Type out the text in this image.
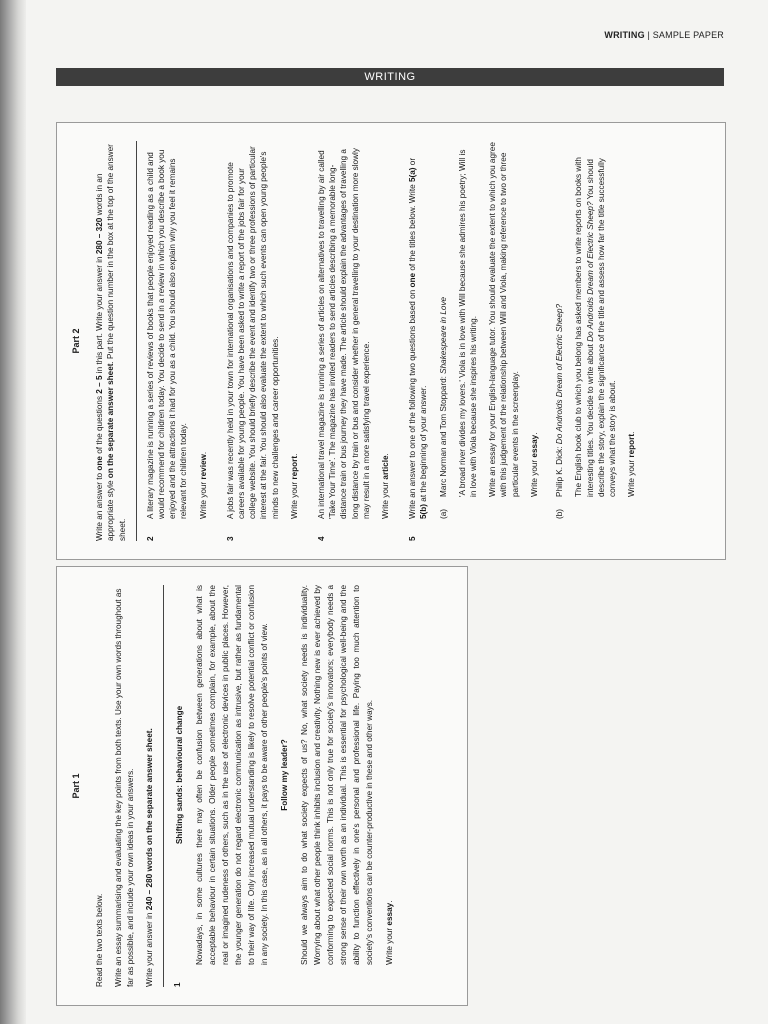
WRITING | SAMPLE PAPER
WRITING
Part 1

Read the two texts below. Write an essay summarising and evaluating the key points from both texts. Use your own words throughout as far as possible, and include your own ideas in your answers. Write your answer in 240 – 280 words on the separate answer sheet.

1
Shifting sands: behavioural change Nowadays, in some cultures there may often be confusion between generations about what is acceptable behaviour in certain situations. Older people sometimes complain, for example, about the real or imagined rudeness of others, such as in the use of electronic devices in public places. However, the younger generation do not regard electronic communication as intrusive, but rather as fundamental to their way of life. Only increased mutual understanding is likely to resolve potential conflict or confusion in any society. In this case, as in all others, it pays to be aware of other people's points of view. Follow my leader? Should we always aim to do what society expects of us? No, what society needs is individuality. Worrying about what other people think inhibits inclusion and creativity. Nothing new is ever achieved by conforming to expected social norms. This is not only true for society's innovators; everybody needs a strong sense of their own worth as an individual. This is essential for psychological well-being and the ability to function effectively in one's personal and professional life. Paying too much attention to society's conventions can be counter-productive in these and other ways. Write your essay.

Part 2

Write an answer to one of the questions 2 – 5 in this part. Write your answer in 280 – 320 words in an appropriate style on the separate answer sheet. Put the question number in the box at the top of the answer sheet. 2

A literary magazine is running a series of reviews of books that people enjoyed reading as a child and would recommend for children today. You decide to send in a review in which you describe a book you enjoyed and the attractions it had for you as a child. You should also explain why you feel it remains relevant for children today. Write your review.

3

A jobs fair was recently held in your town for international organisations and companies to promote careers available for young people. You have been asked to write a report of the jobs fair for your college website. You should briefly describe the event and identify two or three professions of particular interest at the fair. You should also evaluate the extent to which such events can open young people's minds to new challenges and career opportunities. Write your report.

4

An international travel magazine is running a series of articles on alternatives to travelling by air called 'Take Your Time'. The magazine has invited readers to send articles describing a memorable long-distance train or bus journey they have made. The article should explain the advantages of travelling a long distance by train or bus and consider whether in general travelling to your destination more slowly may result in a more satisfying travel experience. Write your article.

5

Write an answer to one of the following two questions based on one of the titles below. Write 5(a) or 5(b) at the beginning of your answer.

(a)

Marc Norman and Tom Stoppard: Shakespeare in Love 'A broad river divides my lovers.' Viola is in love with Will because she admires his poetry; Will is in love with Viola because she inspires his writing. Write an essay for your English-language tutor. You should evaluate the extent to which you agree with this judgement of the relationship between Will and Viola, making reference to two or three particular events in the screenplay. Write your essay.

(b)

Philip K. Dick: Do Androids Dream of Electric Sheep? The English book club to which you belong has asked members to write reports on books with interesting titles. You decide to write about Do Androids Dream of Electric Sheep? You should describe the story, explain the significance of the title and assess how far the title successfully conveys what the story is about. Write your report.
